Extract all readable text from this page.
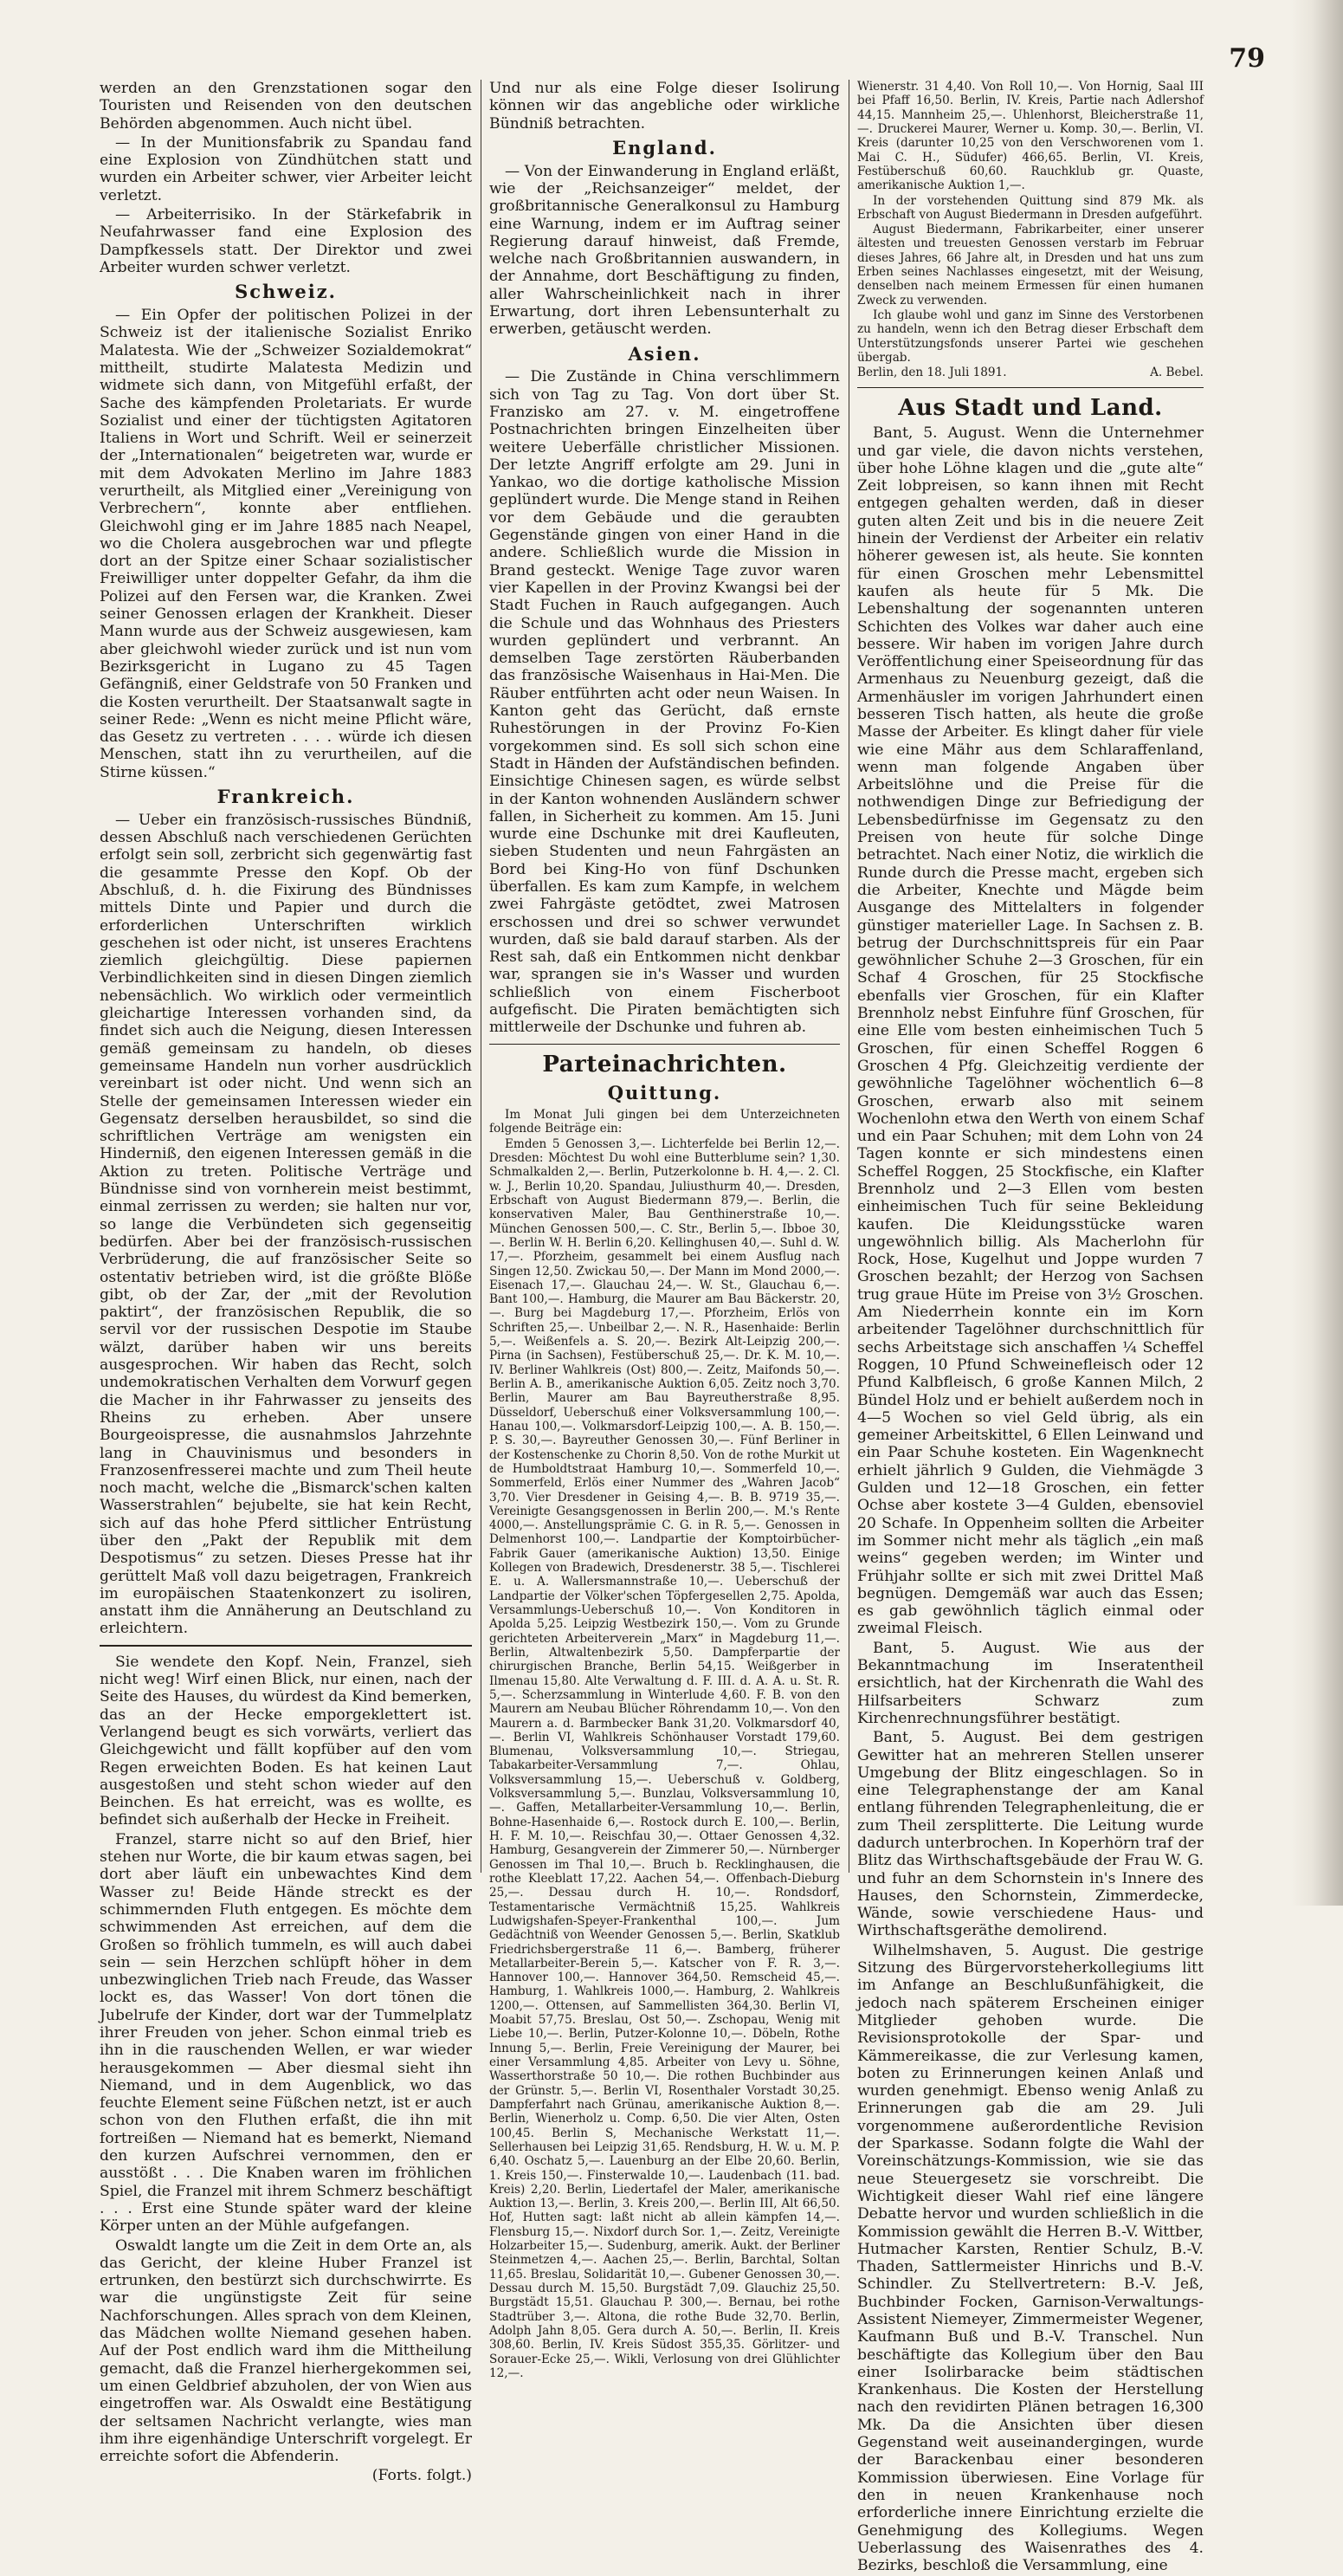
79

werden an den Grenzstationen sogar den Touristen und Reisenden von den deutschen Behörden abgenommen. Auch nicht übel.

— In der Munitionsfabrik zu Spandau fand eine Explosion von Zündhütchen statt und wurden ein Arbeiter schwer, vier Arbeiter leicht verletzt.

— Arbeiterrisiko. In der Stärkefabrik in Neufahrwasser fand eine Explosion des Dampfkessels statt. Der Direktor und zwei Arbeiter wurden schwer verletzt.

Schweiz.

— Ein Opfer der politischen Polizei in der Schweiz ist der italienische Sozialist Enriko Malatesta. Wie der „Schweizer Sozialdemokrat“ mittheilt, studirte Malatesta Medizin und widmete sich dann, von Mitgefühl erfaßt, der Sache des kämpfenden Proletariats. Er wurde Sozialist und einer der tüchtigsten Agitatoren Italiens in Wort und Schrift. Weil er seinerzeit der „Internationalen“ beigetreten war, wurde er mit dem Advokaten Merlino im Jahre 1883 verurtheilt, als Mitglied einer „Vereinigung von Verbrechern“, konnte aber entfliehen. Gleichwohl ging er im Jahre 1885 nach Neapel, wo die Cholera ausgebrochen war und pflegte dort an der Spitze einer Schaar sozialistischer Freiwilliger unter doppelter Gefahr, da ihm die Polizei auf den Fersen war, die Kranken. Zwei seiner Genossen erlagen der Krankheit. Dieser Mann wurde aus der Schweiz ausgewiesen, kam aber gleichwohl wieder zurück und ist nun vom Bezirksgericht in Lugano zu 45 Tagen Gefängniß, einer Geldstrafe von 50 Franken und die Kosten verurtheilt. Der Staatsanwalt sagte in seiner Rede: „Wenn es nicht meine Pflicht wäre, das Gesetz zu vertreten . . . . würde ich diesen Menschen, statt ihn zu verurtheilen, auf die Stirne küssen.“

Frankreich.

— Ueber ein französisch-russisches Bündniß, dessen Abschluß nach verschiedenen Gerüchten erfolgt sein soll, zerbricht sich gegenwärtig fast die gesammte Presse den Kopf. Ob der Abschluß, d. h. die Fixirung des Bündnisses mittels Dinte und Papier und durch die erforderlichen Unterschriften wirklich geschehen ist oder nicht, ist unseres Erachtens ziemlich gleichgültig. Diese papiernen Verbindlichkeiten sind in diesen Dingen ziemlich nebensächlich. Wo wirklich oder vermeintlich gleichartige Interessen vorhanden sind, da findet sich auch die Neigung, diesen Interessen gemäß gemeinsam zu handeln, ob dieses gemeinsame Handeln nun vorher ausdrücklich vereinbart ist oder nicht. Und wenn sich an Stelle der gemeinsamen Interessen wieder ein Gegensatz derselben herausbildet, so sind die schriftlichen Verträge am wenigsten ein Hinderniß, den eigenen Interessen gemäß in die Aktion zu treten. Politische Verträge und Bündnisse sind von vornherein meist bestimmt, einmal zerrissen zu werden; sie halten nur vor, so lange die Verbündeten sich gegenseitig bedürfen. Aber bei der französisch-russischen Verbrüderung, die auf französischer Seite so ostentativ betrieben wird, ist die größte Blöße gibt, ob der Zar, der „mit der Revolution paktirt“, der französischen Republik, die so servil vor der russischen Despotie im Staube wälzt, darüber haben wir uns bereits ausgesprochen. Wir haben das Recht, solch undemokratischen Verhalten dem Vorwurf gegen die Macher in ihr Fahrwasser zu jenseits des Rheins zu erheben. Aber unsere Bourgeoispresse, die ausnahmslos Jahrzehnte lang in Chauvinismus und besonders in Franzosenfresserei machte und zum Theil heute noch macht, welche die „Bismarck'schen kalten Wasserstrahlen“ bejubelte, sie hat kein Recht, sich auf das hohe Pferd sittlicher Entrüstung über den „Pakt der Republik mit dem Despotismus“ zu setzen. Dieses Presse hat ihr gerüttelt Maß voll dazu beigetragen, Frankreich im europäischen Staatenkonzert zu isoliren, anstatt ihm die Annäherung an Deutschland zu erleichtern.

Sie wendete den Kopf. Nein, Franzel, sieh nicht weg! Wirf einen Blick, nur einen, nach der Seite des Hauses, du würdest da Kind bemerken, das an der Hecke emporgeklettert ist. Verlangend beugt es sich vorwärts, verliert das Gleichgewicht und fällt kopfüber auf den vom Regen erweichten Boden. Es hat keinen Laut ausgestoßen und steht schon wieder auf den Beinchen. Es hat erreicht, was es wollte, es befindet sich außerhalb der Hecke in Freiheit.

Franzel, starre nicht so auf den Brief, hier stehen nur Worte, die bir kaum etwas sagen, bei dort aber läuft ein unbewachtes Kind dem Wasser zu! Beide Hände streckt es der schimmernden Fluth entgegen. Es möchte dem schwimmenden Ast erreichen, auf dem die Großen so fröhlich tummeln, es will auch dabei sein — sein Herzchen schlüpft höher in dem unbezwinglichen Trieb nach Freude, das Wasser lockt es, das Wasser! Von dort tönen die Jubelrufe der Kinder, dort war der Tummelplatz ihrer Freuden von jeher. Schon einmal trieb es ihn in die rauschenden Wellen, er war wieder herausgekommen — Aber diesmal sieht ihn Niemand, und in dem Augenblick, wo das feuchte Element seine Füßchen netzt, ist er auch schon von den Fluthen erfaßt, die ihn mit fortreißen — Niemand hat es bemerkt, Niemand den kurzen Aufschrei vernommen, den er ausstößt . . . Die Knaben waren im fröhlichen Spiel, die Franzel mit ihrem Schmerz beschäftigt . . . Erst eine Stunde später ward der kleine Körper unten an der Mühle aufgefangen.

Oswaldt langte um die Zeit in dem Orte an, als das Gericht, der kleine Huber Franzel ist ertrunken, den bestürzt sich durchschwirrte. Es war die ungünstigste Zeit für seine Nachforschungen. Alles sprach von dem Kleinen, das Mädchen wollte Niemand gesehen haben. Auf der Post endlich ward ihm die Mittheilung gemacht, daß die Franzel hierhergekommen sei, um einen Geldbrief abzuholen, der von Wien aus eingetroffen war. Als Oswaldt eine Bestätigung der seltsamen Nachricht verlangte, wies man ihm ihre eigenhändige Unterschrift vorgelegt. Er erreichte sofort die Abfenderin.

(Forts. folgt.)

Und nur als eine Folge dieser Isolirung können wir das angebliche oder wirkliche Bündniß betrachten.

England.

— Von der Einwanderung in England erläßt, wie der „Reichsanzeiger“ meldet, der großbritannische Generalkonsul zu Hamburg eine Warnung, indem er im Auftrag seiner Regierung darauf hinweist, daß Fremde, welche nach Großbritannien auswandern, in der Annahme, dort Beschäftigung zu finden, aller Wahrscheinlichkeit nach in ihrer Erwartung, dort ihren Lebensunterhalt zu erwerben, getäuscht werden.

Asien.

— Die Zustände in China verschlimmern sich von Tag zu Tag. Von dort über St. Franzisko am 27. v. M. eingetroffene Postnachrichten bringen Einzelheiten über weitere Ueberfälle christlicher Missionen. Der letzte Angriff erfolgte am 29. Juni in Yankao, wo die dortige katholische Mission geplündert wurde. Die Menge stand in Reihen vor dem Gebäude und die geraubten Gegenstände gingen von einer Hand in die andere. Schließlich wurde die Mission in Brand gesteckt. Wenige Tage zuvor waren vier Kapellen in der Provinz Kwangsi bei der Stadt Fuchen in Rauch aufgegangen. Auch die Schule und das Wohnhaus des Priesters wurden geplündert und verbrannt. An demselben Tage zerstörten Räuberbanden das französische Waisenhaus in Hai-Men. Die Räuber entführten acht oder neun Waisen. In Kanton geht das Gerücht, daß ernste Ruhestörungen in der Provinz Fo-Kien vorgekommen sind. Es soll sich schon eine Stadt in Händen der Aufständischen befinden. Einsichtige Chinesen sagen, es würde selbst in der Kanton wohnenden Ausländern schwer fallen, in Sicherheit zu kommen. Am 15. Juni wurde eine Dschunke mit drei Kaufleuten, sieben Studenten und neun Fahrgästen an Bord bei King-Ho von fünf Dschunken überfallen. Es kam zum Kampfe, in welchem zwei Fahrgäste getödtet, zwei Matrosen erschossen und drei so schwer verwundet wurden, daß sie bald darauf starben. Als der Rest sah, daß ein Entkommen nicht denkbar war, sprangen sie in's Wasser und wurden schließlich von einem Fischerboot aufgefischt. Die Piraten bemächtigten sich mittlerweile der Dschunke und fuhren ab.

Parteinachrichten.
Quittung.

Im Monat Juli gingen bei dem Unterzeichneten folgende Beiträge ein:

Emden 5 Genossen 3,—. Lichterfelde bei Berlin 12,—. Dresden: Möchtest Du wohl eine Butterblume sein? 1,30. Schmalkalden 2,—. Berlin, Putzerkolonne b. H. 4,—. 2. Cl. w. J., Berlin 10,20. Spandau, Juliusthurm 40,—. Dresden, Erbschaft von August Biedermann 879,—. Berlin, die konservativen Maler, Bau Genthinerstraße 10,—. München Genossen 500,—. C. Str., Berlin 5,—. Ibboe 30,—. Berlin W. H. Berlin 6,20. Kellinghusen 40,—. Suhl d. W. 17,—. Pforzheim, gesammelt bei einem Ausflug nach Singen 12,50. Zwickau 50,—. Der Mann im Mond 2000,—. Eisenach 17,—. Glauchau 24,—. W. St., Glauchau 6,—. Bant 100,—. Hamburg, die Maurer am Bau Bäckerstr. 20,—. Burg bei Magdeburg 17,—. Pforzheim, Erlös von Schriften 25,—. Unbeilbar 2,—. N. R., Hasenhaide: Berlin 5,—. Weißenfels a. S. 20,—. Bezirk Alt-Leipzig 200,—. Pirna (in Sachsen), Festüberschuß 25,—. Dr. K. M. 10,—. IV. Berliner Wahlkreis (Ost) 800,—. Zeitz, Maifonds 50,—. Berlin A. B., amerikanische Auktion 6,05. Zeitz noch 3,70. Berlin, Maurer am Bau Bayreutherstraße 8,95. Düsseldorf, Ueberschuß einer Volksversammlung 100,—. Hanau 100,—. Volkmarsdorf-Leipzig 100,—. A. B. 150,—. P. S. 30,—. Bayreuther Genossen 30,—. Fünf Berliner in der Kostenschenke zu Chorin 8,50. Von de rothe Murkit ut de Humboldtstraat Hamburg 10,—. Sommerfeld 10,—. Sommerfeld, Erlös einer Nummer des „Wahren Jacob“ 3,70. Vier Dresdener in Geising 4,—. B. B. 9719 35,—. Vereinigte Gesangsgenossen in Berlin 200,—. M.'s Rente 4000,—. Anstellungsprämie C. G. in R. 5,—. Genossen in Delmenhorst 100,—. Landpartie der Komptoirbücher-Fabrik Gauer (amerikanische Auktion) 13,50. Einige Kollegen von Bradewich, Dresdenerstr. 38 5,—. Tischlerei E. u. A. Wallersmannstraße 10,—. Ueberschuß der Landpartie der Völker'schen Töpfergesellen 2,75. Apolda, Versammlungs-Ueberschuß 10,—. Von Konditoren in Apolda 5,25. Leipzig Westbezirk 150,—. Vom zu Grunde gerichteten Arbeiterverein „Marx“ in Magdeburg 11,—. Berlin, Altwaltenbezirk 5,50. Dampferpartie der chirurgischen Branche, Berlin 54,15. Weißgerber in Ilmenau 15,80. Alte Verwaltung d. F. III. d. A. A. u. St. R. 5,—. Scherzsammlung in Winterlude 4,60. F. B. von den Maurern am Neubau Blücher Röhrendamm 10,—. Von den Maurern a. d. Barmbecker Bank 31,20. Volkmarsdorf 40,—. Berlin VI, Wahlkreis Schönhauser Vorstadt 179,60. Blumenau, Volksversammlung 10,—. Striegau, Tabakarbeiter-Versammlung 7,—. Ohlau, Volksversammlung 15,—. Ueberschuß v. Goldberg, Volksversammlung 5,—. Bunzlau, Volksversammlung 10,—. Gaffen, Metallarbeiter-Versammlung 10,—. Berlin, Bohne-Hasenhaide 6,—. Rostock durch E. 100,—. Berlin, H. F. M. 10,—. Reischfau 30,—. Ottaer Genossen 4,32. Hamburg, Gesangverein der Zimmerer 50,—. Nürnberger Genossen im Thal 10,—. Bruch b. Recklinghausen, die rothe Kleeblatt 17,22. Aachen 54,—. Offenbach-Dieburg 25,—. Dessau durch H. 10,—. Rondsdorf, Testamentarische Vermächtniß 15,25. Wahlkreis Ludwigshafen-Speyer-Frankenthal 100,—. Jum Gedächtniß von Weender Genossen 5,—. Berlin, Skatklub Friedrichsbergerstraße 11 6,—. Bamberg, früherer Metallarbeiter-Berein 5,—. Katscher von F. R. 3,—. Hannover 100,—. Hannover 364,50. Remscheid 45,—. Hamburg, 1. Wahlkreis 1000,—. Hamburg, 2. Wahlkreis 1200,—. Ottensen, auf Sammellisten 364,30. Berlin VI, Moabit 57,75. Breslau, Ost 50,—. Zschopau, Wenig mit Liebe 10,—. Berlin, Putzer-Kolonne 10,—. Döbeln, Rothe Innung 5,—. Berlin, Freie Vereinigung der Maurer, bei einer Versammlung 4,85. Arbeiter von Levy u. Söhne, Wasserthorstraße 50 10,—. Die rothen Buchbinder aus der Grünstr. 5,—. Berlin VI, Rosenthaler Vorstadt 30,25. Dampferfahrt nach Grünau, amerikanische Auktion 8,—. Berlin, Wienerholz u. Comp. 6,50. Die vier Alten, Osten 100,45. Berlin S, Mechanische Werkstatt 11,—. Sellerhausen bei Leipzig 31,65. Rendsburg, H. W. u. M. P. 6,40. Oschatz 5,—. Lauenburg an der Elbe 20,60. Berlin, 1. Kreis 150,—. Finsterwalde 10,—. Laudenbach (11. bad. Kreis) 2,20. Berlin, Liedertafel der Maler, amerikanische Auktion 13,—. Berlin, 3. Kreis 200,—. Berlin III, Alt 66,50. Hof, Hutten sagt: laßt nicht ab allein kämpfen 14,—. Flensburg 15,—. Nixdorf durch Sor. 1,—. Zeitz, Vereinigte Holzarbeiter 15,—. Sudenburg, amerik. Aukt. der Berliner Steinmetzen 4,—. Aachen 25,—. Berlin, Barchtal, Soltan 11,65. Breslau, Solidarität 10,—. Gubener Genossen 30,—. Dessau durch M. 15,50. Burgstädt 7,09. Glauchiz 25,50. Burgstädt 15,51. Glauchau P. 300,—. Bernau, bei rothe Stadtrüber 3,—. Altona, die rothe Bude 32,70. Berlin, Adolph Jahn 8,05. Gera durch A. 50,—. Berlin, II. Kreis 308,60. Berlin, IV. Kreis Südost 355,35. Görlitzer- und Sorauer-Ecke 25,—. Wikli, Verlosung von drei Glühlichter 12,—.

Wienerstr. 31 4,40. Von Roll 10,—. Von Hornig, Saal III bei Pfaff 16,50. Berlin, IV. Kreis, Partie nach Adlershof 44,15. Mannheim 25,—. Uhlenhorst, Bleicherstraße 11,—. Druckerei Maurer, Werner u. Komp. 30,—. Berlin, VI. Kreis (darunter 10,25 von den Verschworenen vom 1. Mai C. H., Südufer) 466,65. Berlin, VI. Kreis, Festüberschuß 60,60. Rauchklub gr. Quaste, amerikanische Auktion 1,—.

In der vorstehenden Quittung sind 879 Mk. als Erbschaft von August Biedermann in Dresden aufgeführt.

August Biedermann, Fabrikarbeiter, einer unserer ältesten und treuesten Genossen verstarb im Februar dieses Jahres, 66 Jahre alt, in Dresden und hat uns zum Erben seines Nachlasses eingesetzt, mit der Weisung, denselben nach meinem Ermessen für einen humanen Zweck zu verwenden.

Ich glaube wohl und ganz im Sinne des Verstorbenen zu handeln, wenn ich den Betrag dieser Erbschaft dem Unterstützungsfonds unserer Partei wie geschehen übergab.

Berlin, den 18. Juli 1891.	A. Bebel.
Aus Stadt und Land.

Bant, 5. August. Wenn die Unternehmer und gar viele, die davon nichts verstehen, über hohe Löhne klagen und die „gute alte“ Zeit lobpreisen, so kann ihnen mit Recht entgegen gehalten werden, daß in dieser guten alten Zeit und bis in die neuere Zeit hinein der Verdienst der Arbeiter ein relativ höherer gewesen ist, als heute. Sie konnten für einen Groschen mehr Lebensmittel kaufen als heute für 5 Mk. Die Lebenshaltung der sogenannten unteren Schichten des Volkes war daher auch eine bessere. Wir haben im vorigen Jahre durch Veröffentlichung einer Speiseordnung für das Armenhaus zu Neuenburg gezeigt, daß die Armenhäusler im vorigen Jahrhundert einen besseren Tisch hatten, als heute die große Masse der Arbeiter. Es klingt daher für viele wie eine Mähr aus dem Schlaraffenland, wenn man folgende Angaben über Arbeitslöhne und die Preise für die nothwendigen Dinge zur Befriedigung der Lebensbedürfnisse im Gegensatz zu den Preisen von heute für solche Dinge betrachtet. Nach einer Notiz, die wirklich die Runde durch die Presse macht, ergeben sich die Arbeiter, Knechte und Mägde beim Ausgange des Mittelalters in folgender günstiger materieller Lage. In Sachsen z. B. betrug der Durchschnittspreis für ein Paar gewöhnlicher Schuhe 2—3 Groschen, für ein Schaf 4 Groschen, für 25 Stockfische ebenfalls vier Groschen, für ein Klafter Brennholz nebst Einfuhre fünf Groschen, für eine Elle vom besten einheimischen Tuch 5 Groschen, für einen Scheffel Roggen 6 Groschen 4 Pfg. Gleichzeitig verdiente der gewöhnliche Tagelöhner wöchentlich 6—8 Groschen, erwarb also mit seinem Wochenlohn etwa den Werth von einem Schaf und ein Paar Schuhen; mit dem Lohn von 24 Tagen konnte er sich mindestens einen Scheffel Roggen, 25 Stockfische, ein Klafter Brennholz und 2—3 Ellen vom besten einheimischen Tuch für seine Bekleidung kaufen. Die Kleidungsstücke waren ungewöhnlich billig. Als Macherlohn für Rock, Hose, Kugelhut und Joppe wurden 7 Groschen bezahlt; der Herzog von Sachsen trug graue Hüte im Preise von 3½ Groschen. Am Niederrhein konnte ein im Korn arbeitender Tagelöhner durchschnittlich für sechs Arbeitstage sich anschaffen ¼ Scheffel Roggen, 10 Pfund Schweinefleisch oder 12 Pfund Kalbfleisch, 6 große Kannen Milch, 2 Bündel Holz und er behielt außerdem noch in 4—5 Wochen so viel Geld übrig, als ein gemeiner Arbeitskittel, 6 Ellen Leinwand und ein Paar Schuhe kosteten. Ein Wagenknecht erhielt jährlich 9 Gulden, die Viehmägde 3 Gulden und 12—18 Groschen, ein fetter Ochse aber kostete 3—4 Gulden, ebensoviel 20 Schafe. In Oppenheim sollten die Arbeiter im Sommer nicht mehr als täglich „ein maß weins“ gegeben werden; im Winter und Frühjahr sollte er sich mit zwei Drittel Maß begnügen. Demgemäß war auch das Essen; es gab gewöhnlich täglich einmal oder zweimal Fleisch.

Bant, 5. August. Wie aus der Bekanntmachung im Inseratentheil ersichtlich, hat der Kirchenrath die Wahl des Hilfsarbeiters Schwarz zum Kirchenrechnungsführer bestätigt.

Bant, 5. August. Bei dem gestrigen Gewitter hat an mehreren Stellen unserer Umgebung der Blitz eingeschlagen. So in eine Telegraphenstange der am Kanal entlang führenden Telegraphenleitung, die er zum Theil zersplitterte. Die Leitung wurde dadurch unterbrochen. In Koperhörn traf der Blitz das Wirthschaftsgebäude der Frau W. G. und fuhr an dem Schornstein in's Innere des Hauses, den Schornstein, Zimmerdecke, Wände, sowie verschiedene Haus- und Wirthschaftsgeräthe demolirend.

Wilhelmshaven, 5. August. Die gestrige Sitzung des Bürgervorsteherkollegiums litt im Anfange an Beschlußunfähigkeit, die jedoch nach späterem Erscheinen einiger Mitglieder gehoben wurde. Die Revisionsprotokolle der Spar- und Kämmereikasse, die zur Verlesung kamen, boten zu Erinnerungen keinen Anlaß und wurden genehmigt. Ebenso wenig Anlaß zu Erinnerungen gab die am 29. Juli vorgenommene außerordentliche Revision der Sparkasse. Sodann folgte die Wahl der Voreinschätzungs-Kommission, wie sie das neue Steuergesetz sie vorschreibt. Die Wichtigkeit dieser Wahl rief eine längere Debatte hervor und wurden schließlich in die Kommission gewählt die Herren B.-V. Wittber, Hutmacher Karsten, Rentier Schulz, B.-V. Thaden, Sattlermeister Hinrichs und B.-V. Schindler. Zu Stellvertretern: B.-V. Jeß, Buchbinder Focken, Garnison-Verwaltungs-Assistent Niemeyer, Zimmermeister Wegener, Kaufmann Buß und B.-V. Transchel. Nun beschäftigte das Kollegium über den Bau einer Isolirbaracke beim städtischen Krankenhaus. Die Kosten der Herstellung nach den revidirten Plänen betragen 16,300 Mk. Da die Ansichten über diesen Gegenstand weit auseinandergingen, wurde der Barackenbau einer besonderen Kommission überwiesen. Eine Vorlage für den in neuen Krankenhause noch erforderliche innere Einrichtung erzielte die Genehmigung des Kollegiums. Wegen Ueberlassung des Waisenrathes des 4. Bezirks, beschloß die Versammlung, eine
